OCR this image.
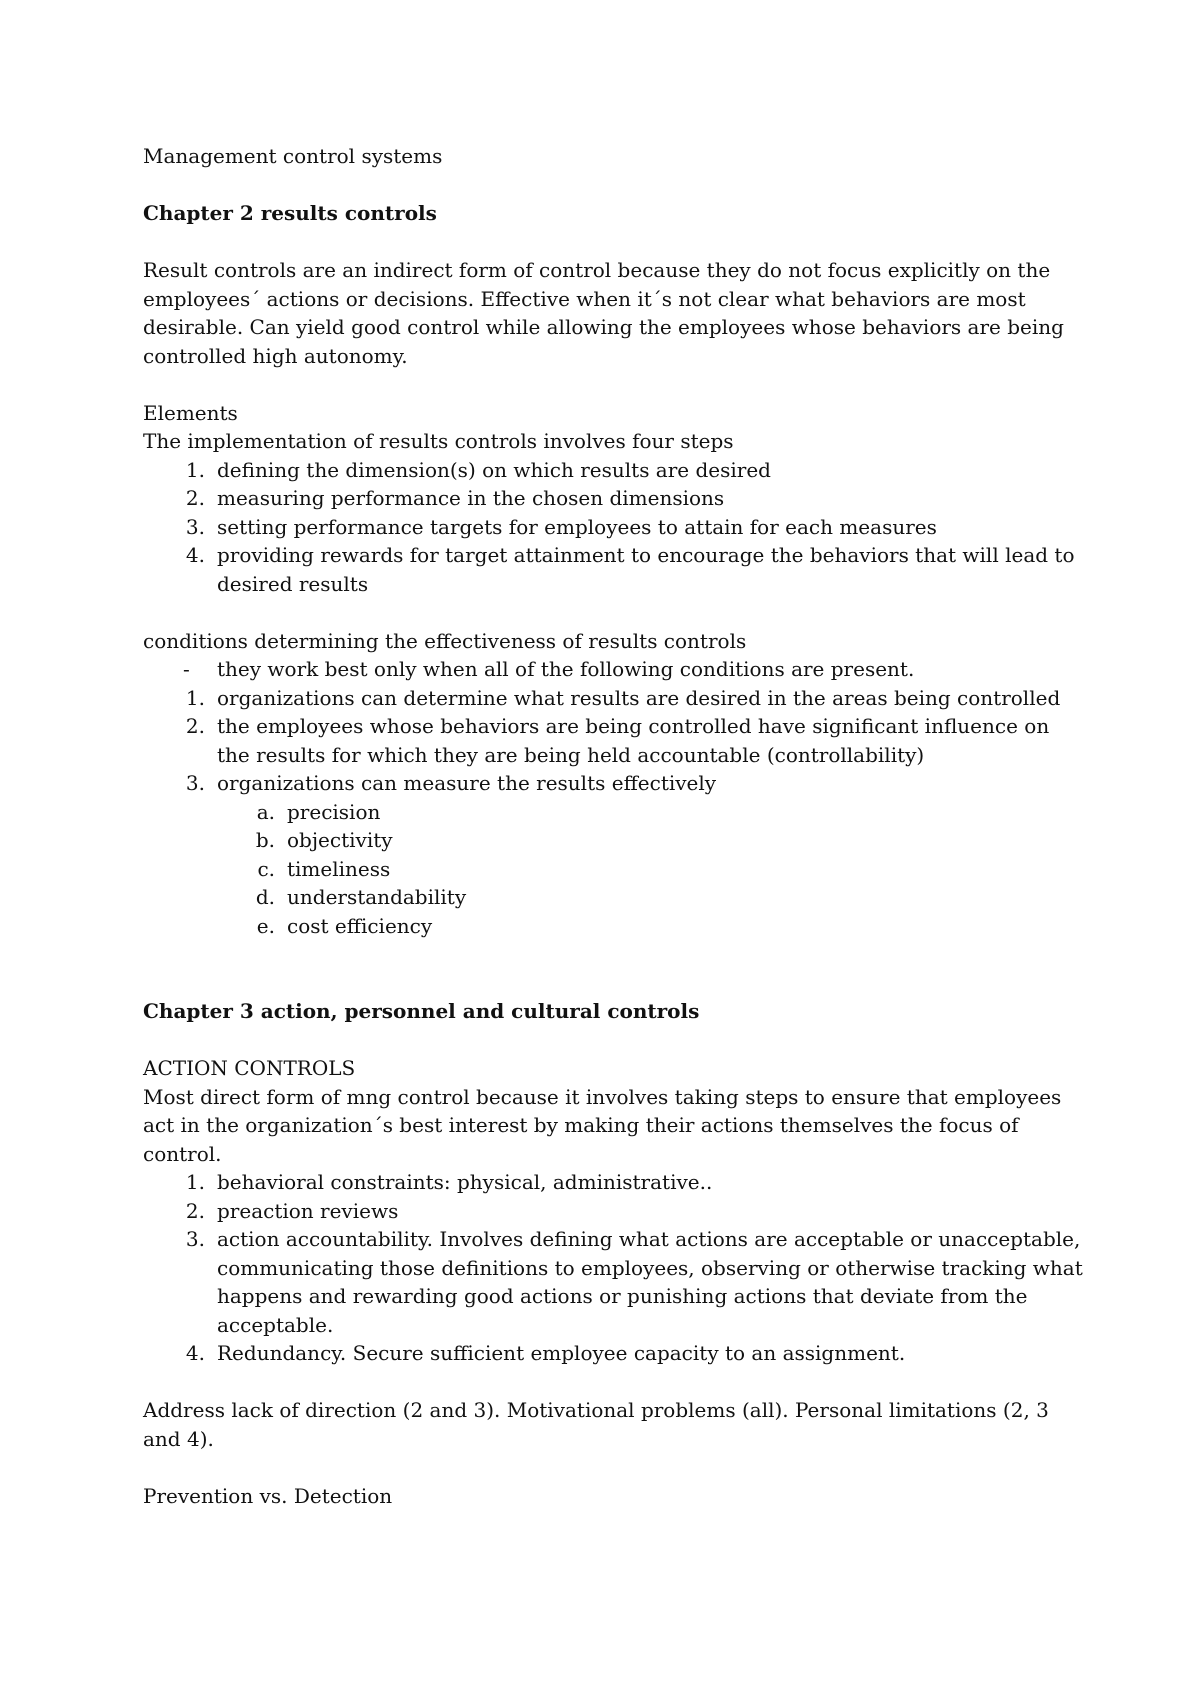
Management control systems

Chapter 2 results controls

Result controls are an indirect form of control because they do not focus explicitly on the employees´ actions or decisions. Effective when it´s not clear what behaviors are most desirable. Can yield good control while allowing the employees whose behaviors are being controlled high autonomy.

Elements

The implementation of results controls involves four steps

1. defining the dimension(s) on which results are desired
2. measuring performance in the chosen dimensions
3. setting performance targets for employees to attain for each measures
4. providing rewards for target attainment to encourage the behaviors that will lead to desired results

conditions determining the effectiveness of results controls

-	they work best only when all of the following conditions are present.
1. organizations can determine what results are desired in the areas being controlled
2. the employees whose behaviors are being controlled have significant influence on the results for which they are being held accountable (controllability)
3. organizations can measure the results effectively
a. precision
b. objectivity
c. timeliness
d. understandability
e. cost efficiency

Chapter 3 action, personnel and cultural controls

ACTION CONTROLS

Most direct form of mng control because it involves taking steps to ensure that employees act in the organization´s best interest by making their actions themselves the focus of control.

1. behavioral constraints: physical, administrative..
2. preaction reviews
3. action accountability. Involves defining what actions are acceptable or unacceptable, communicating those definitions to employees, observing or otherwise tracking what happens and rewarding good actions or punishing actions that deviate from the acceptable.
4. Redundancy. Secure sufficient employee capacity to an assignment.

Address lack of direction (2 and 3). Motivational problems (all). Personal limitations (2, 3 and 4).

Prevention vs. Detection
